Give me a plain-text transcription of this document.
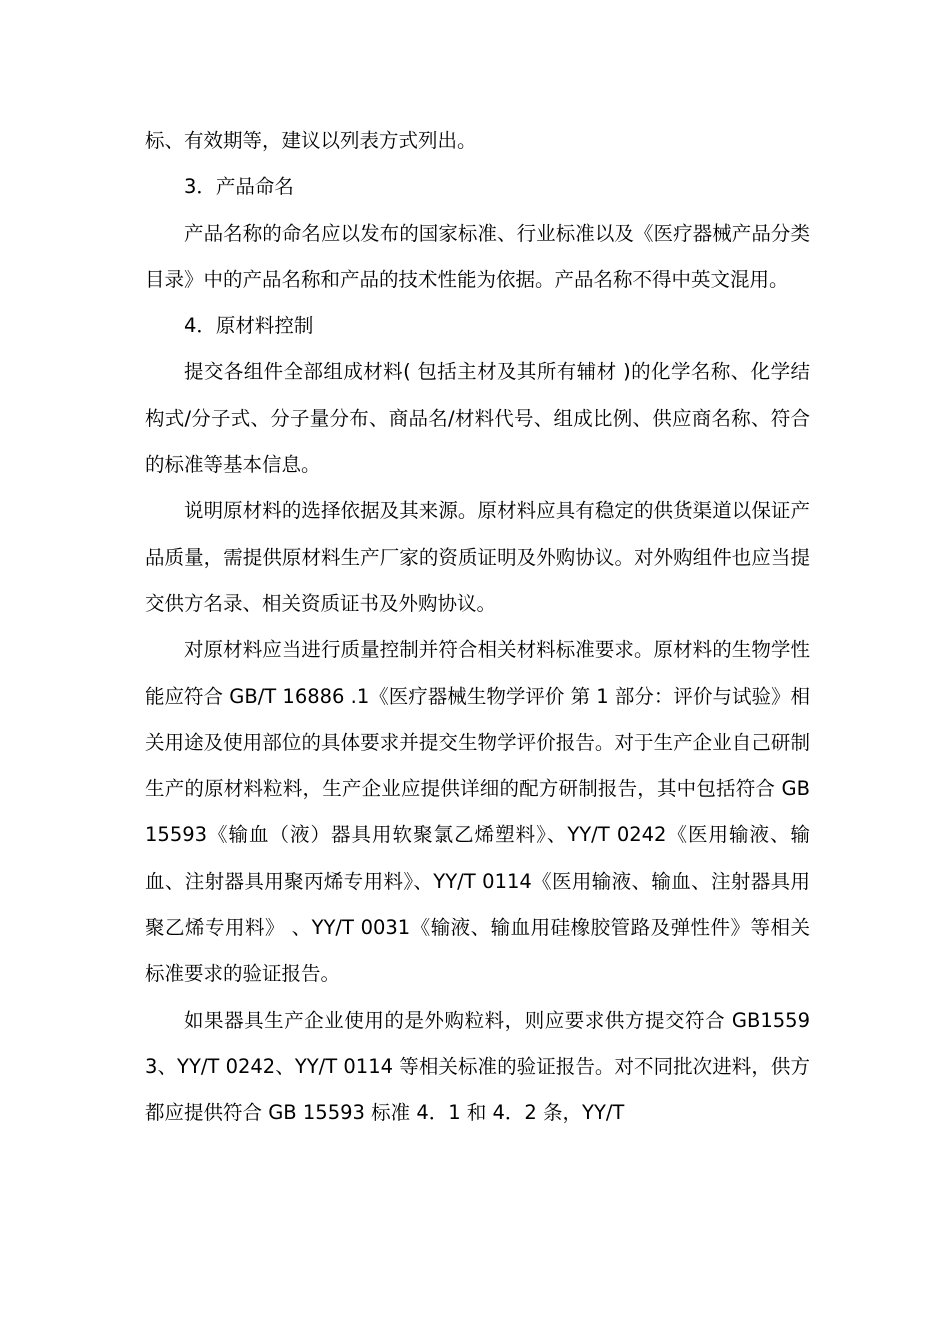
标、有效期等，建议以列表方式列出。

3．产品命名

产品名称的命名应以发布的国家标准、行业标准以及《医疗器械产品分类目录》中的产品名称和产品的技术性能为依据。产品名称不得中英文混用。

4．原材料控制

提交各组件全部组成材料( 包括主材及其所有辅材 )的化学名称、化学结构式/分子式、分子量分布、商品名/材料代号、组成比例、供应商名称、符合的标准等基本信息。

说明原材料的选择依据及其来源。原材料应具有稳定的供货渠道以保证产品质量，需提供原材料生产厂家的资质证明及外购协议。对外购组件也应当提交供方名录、相关资质证书及外购协议。

对原材料应当进行质量控制并符合相关材料标准要求。原材料的生物学性能应符合 GB/T 16886 .1《医疗器械生物学评价 第 1 部分：评价与试验》相关用途及使用部位的具体要求并提交生物学评价报告。对于生产企业自己研制生产的原材料粒料，生产企业应提供详细的配方研制报告，其中包括符合 GB 15593《输血（液）器具用软聚氯乙烯塑料》、YY/T 0242《医用输液、输血、注射器具用聚丙烯专用料》、YY/T 0114《医用输液、输血、注射器具用聚乙烯专用料》 、YY/T 0031《输液、输血用硅橡胶管路及弹性件》等相关标准要求的验证报告。

如果器具生产企业使用的是外购粒料，则应要求供方提交符合 GB15593、YY/T 0242、YY/T 0114 等相关标准的验证报告。对不同批次进料，供方都应提供符合 GB 15593 标准 4．1 和 4．2 条，YY/T
